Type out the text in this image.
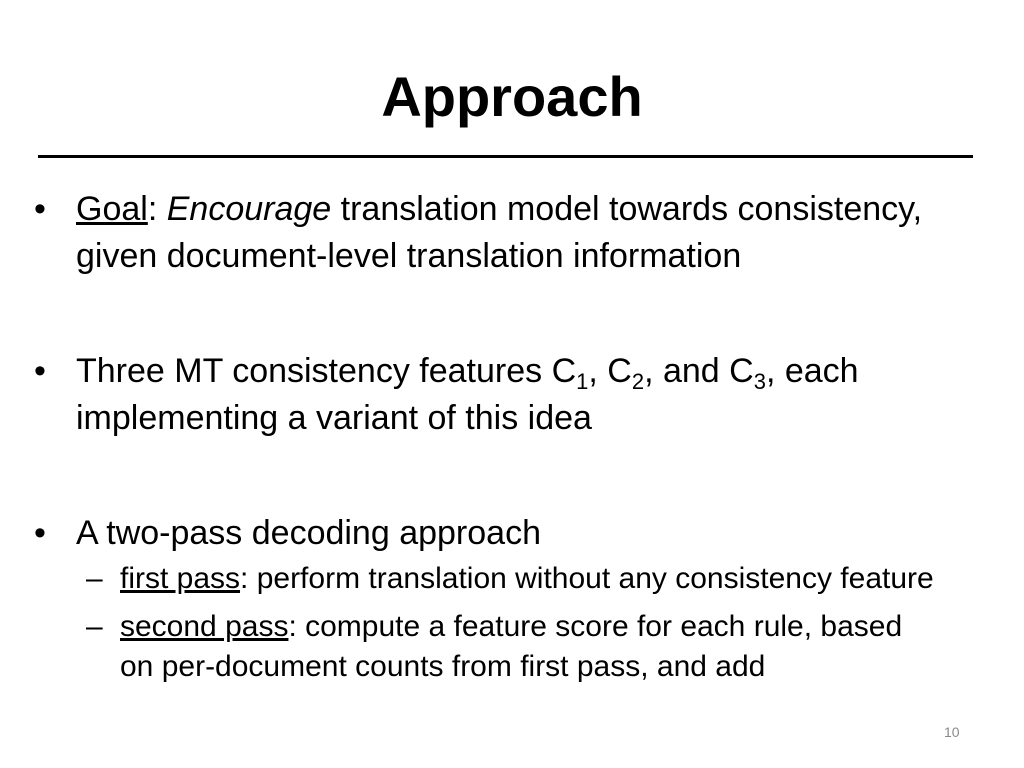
Approach
• Goal: Encourage translation model towards consistency, given document-level translation information
• Three MT consistency features $C_1$, $C_2$, and $C_3$, each implementing a variant of this idea
• A two-pass decoding approach
– first pass: perform translation without any consistency feature
– second pass: compute a feature score for each rule, based on per-document counts from first pass, and add
10
